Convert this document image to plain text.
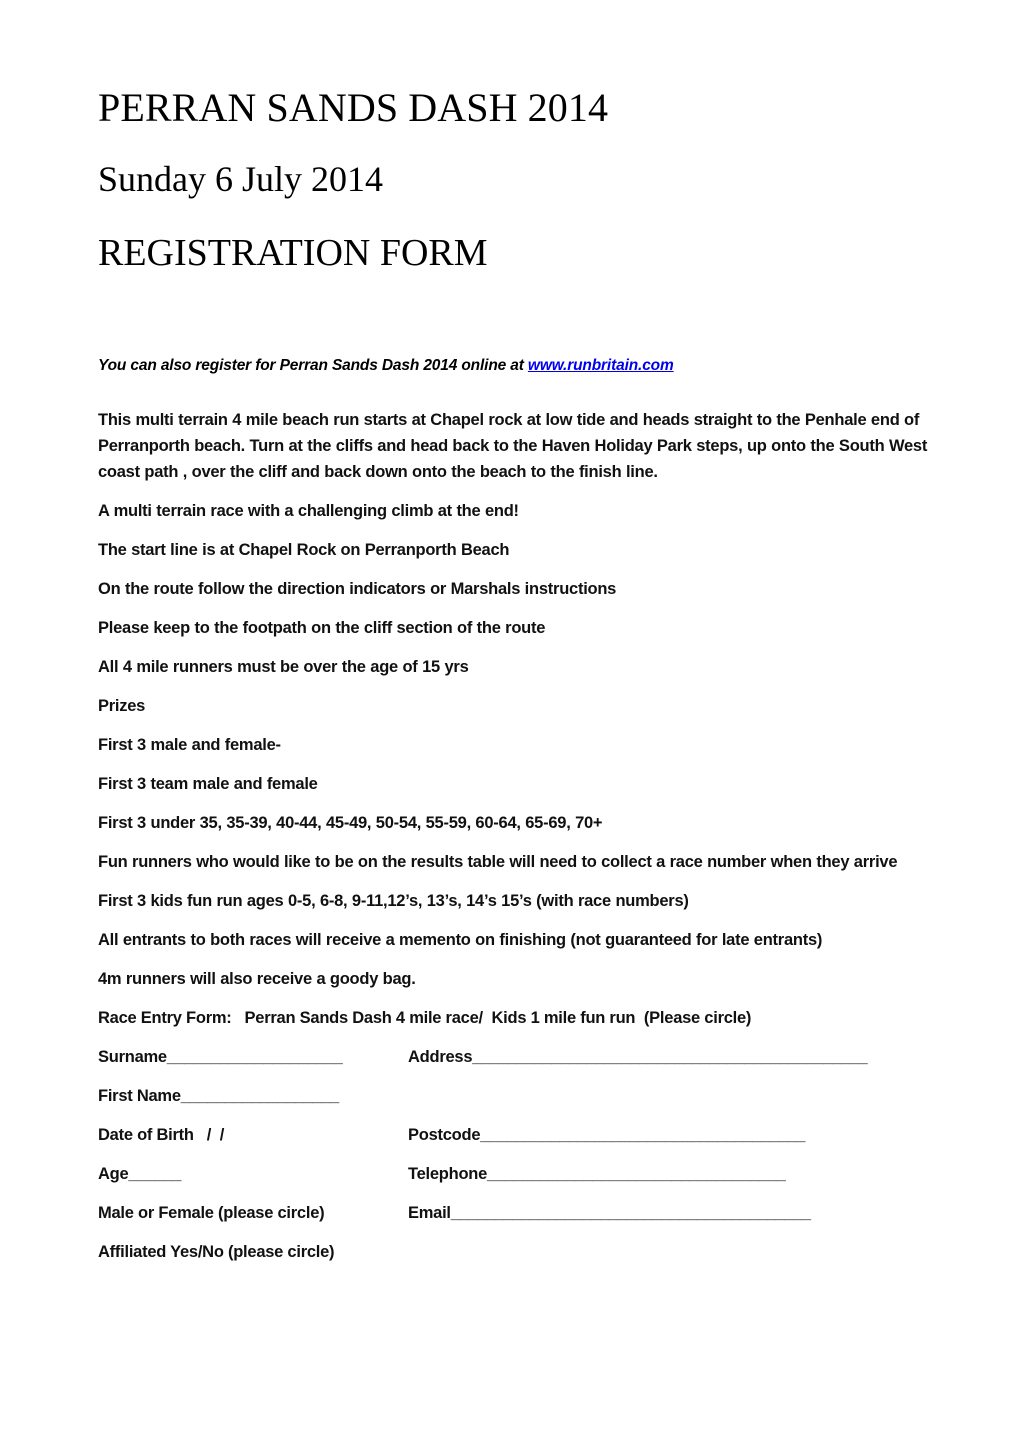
PERRAN SANDS DASH 2014
Sunday 6 July 2014
REGISTRATION FORM
You can also register for Perran Sands Dash 2014 online at www.runbritain.com

This multi terrain 4 mile beach run starts at Chapel rock at low tide and heads straight to the Penhale end of Perranporth beach. Turn at the cliffs and head back to the Haven Holiday Park steps, up onto the South West coast path , over the cliff and back down onto the beach to the finish line.

A multi terrain race with a challenging climb at the end!

The start line is at Chapel Rock on Perranporth Beach

On the route follow the direction indicators or Marshals instructions

Please keep to the footpath on the cliff section of the route

All 4 mile runners must be over the age of 15 yrs

Prizes

First 3 male and female-

First 3 team male and female

First 3 under 35, 35-39, 40-44, 45-49, 50-54, 55-59, 60-64, 65-69, 70+

Fun runners who would like to be on the results table will need to collect a race number when they arrive

First 3 kids fun run ages 0-5, 6-8, 9-11,12’s, 13’s, 14’s 15’s (with race numbers)

All entrants to both races will receive a memento on finishing (not guaranteed for late entrants)

4m runners will also receive a goody bag.

Race Entry Form:   Perran Sands Dash 4 mile race/  Kids 1 mile fun run  (Please circle)
Surname____________________	Address_____________________________________________
First Name__________________
Date of Birth   /  /	Postcode_____________________________________
Age______	Telephone__________________________________
Male or Female (please circle)	Email_________________________________________
Affiliated Yes/No (please circle)
